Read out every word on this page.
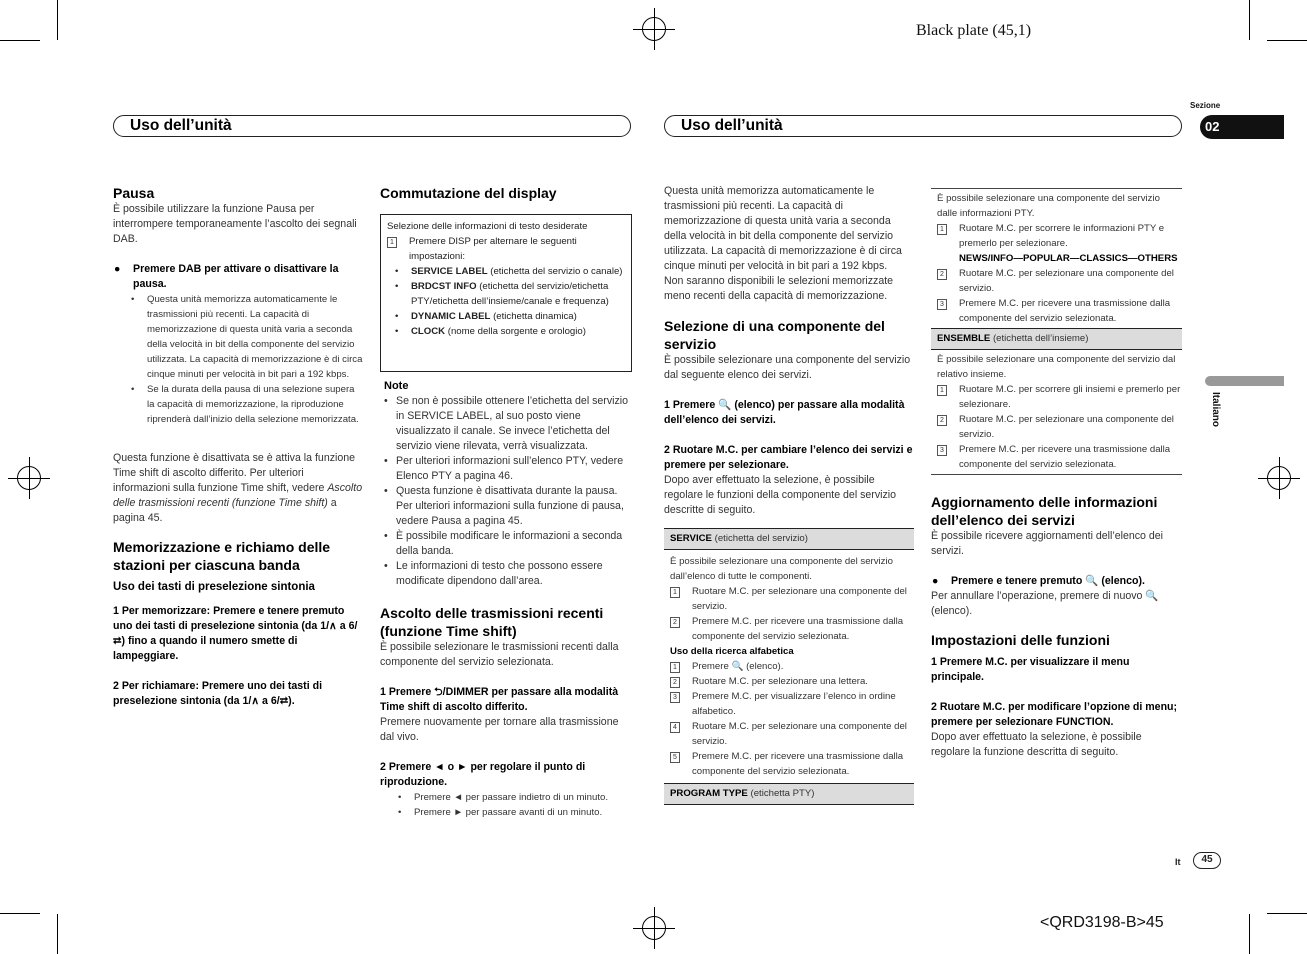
Black plate (45,1)
<QRD3198-B>45
Uso dell’unità	Uso dell’unità
Sezione
02
Italiano
It	45
Pausa

È possibile utilizzare la funzione Pausa per interrompere temporaneamente l’ascolto dei segnali DAB.

● Premere DAB per attivare o disattivare la pausa.

• Questa unità memorizza automaticamente le trasmissioni più recenti. La capacità di memorizzazione di questa unità varia a seconda della velocità in bit della componente del servizio utilizzata. La capacità di memorizzazione è di circa cinque minuti per velocità in bit pari a 192 kbps.
• Se la durata della pausa di una selezione supera la capacità di memorizzazione, la riproduzione riprenderà dall’inizio della selezione memorizzata.

Questa funzione è disattivata se è attiva la funzione Time shift di ascolto differito. Per ulteriori informazioni sulla funzione Time shift, vedere Ascolto delle trasmissioni recenti (funzione Time shift) a pagina 45.

Memorizzazione e richiamo delle stazioni per ciascuna banda

Uso dei tasti di preselezione sintonia

1 Per memorizzare: Premere e tenere premuto uno dei tasti di preselezione sintonia (da 1/∧ a 6/⮂) fino a quando il numero smette di lampeggiare.

2 Per richiamare: Premere uno dei tasti di preselezione sintonia (da 1/∧ a 6/⮂).

Commutazione del display
Selezione delle informazioni di testo desiderate
1	Premere DISP per alternare le seguenti impostazioni:
• SERVICE LABEL (etichetta del servizio o canale)
• BRDCST INFO (etichetta del servizio/etichetta PTY/etichetta dell’insieme/canale e frequenza)
• DYNAMIC LABEL (etichetta dinamica)
• CLOCK (nome della sorgente e orologio)
Note
• Se non è possibile ottenere l’etichetta del servizio in SERVICE LABEL, al suo posto viene visualizzato il canale. Se invece l’etichetta del servizio viene rilevata, verrà visualizzata.
• Per ulteriori informazioni sull’elenco PTY, vedere Elenco PTY a pagina 46.
• Questa funzione è disattivata durante la pausa. Per ulteriori informazioni sulla funzione di pausa, vedere Pausa a pagina 45.
• È possibile modificare le informazioni a seconda della banda.
• Le informazioni di testo che possono essere modificate dipendono dall’area.

Ascolto delle trasmissioni recenti (funzione Time shift)

È possibile selezionare le trasmissioni recenti dalla componente del servizio selezionata.

1 Premere ⮌/DIMMER per passare alla modalità Time shift di ascolto differito.

Premere nuovamente per tornare alla trasmissione dal vivo.

2 Premere ◄ o ► per regolare il punto di riproduzione.

• Premere ◄ per passare indietro di un minuto.
• Premere ► per passare avanti di un minuto.

Questa unità memorizza automaticamente le trasmissioni più recenti. La capacità di memorizzazione di questa unità varia a seconda della velocità in bit della componente del servizio utilizzata. La capacità di memorizzazione è di circa cinque minuti per velocità in bit pari a 192 kbps.
Non saranno disponibili le selezioni memorizzate meno recenti della capacità di memorizzazione.

Selezione di una componente del servizio

È possibile selezionare una componente del servizio dal seguente elenco dei servizi.

1 Premere 🔍 (elenco) per passare alla modalità dell’elenco dei servizi.

2 Ruotare M.C. per cambiare l’elenco dei servizi e premere per selezionare.

Dopo aver effettuato la selezione, è possibile regolare le funzioni della componente del servizio descritte di seguito.

SERVICE (etichetta del servizio)
È possibile selezionare una componente del servizio dall’elenco di tutte le componenti.
1	Ruotare M.C. per selezionare una componente del servizio.
2	Premere M.C. per ricevere una trasmissione dalla componente del servizio selezionata.
Uso della ricerca alfabetica
1	Premere 🔍 (elenco).
2	Ruotare M.C. per selezionare una lettera.
3	Premere M.C. per visualizzare l’elenco in ordine alfabetico.
4	Ruotare M.C. per selezionare una componente del servizio.
5	Premere M.C. per ricevere una trasmissione dalla componente del servizio selezionata.
PROGRAM TYPE (etichetta PTY)
È possibile selezionare una componente del servizio dalle informazioni PTY.
1	Ruotare M.C. per scorrere le informazioni PTY e premerlo per selezionare.
NEWS/INFO—POPULAR—CLASSICS—OTHERS
2	Ruotare M.C. per selezionare una componente del servizio.
3	Premere M.C. per ricevere una trasmissione dalla componente del servizio selezionata.
ENSEMBLE (etichetta dell’insieme)
È possibile selezionare una componente del servizio dal relativo insieme.
1	Ruotare M.C. per scorrere gli insiemi e premerlo per selezionare.
2	Ruotare M.C. per selezionare una componente del servizio.
3	Premere M.C. per ricevere una trasmissione dalla componente del servizio selezionata.

Aggiornamento delle informazioni dell’elenco dei servizi

È possibile ricevere aggiornamenti dell’elenco dei servizi.

● Premere e tenere premuto 🔍 (elenco).

Per annullare l’operazione, premere di nuovo 🔍 (elenco).

Impostazioni delle funzioni

1 Premere M.C. per visualizzare il menu principale.

2 Ruotare M.C. per modificare l’opzione di menu; premere per selezionare FUNCTION.

Dopo aver effettuato la selezione, è possibile regolare la funzione descritta di seguito.
